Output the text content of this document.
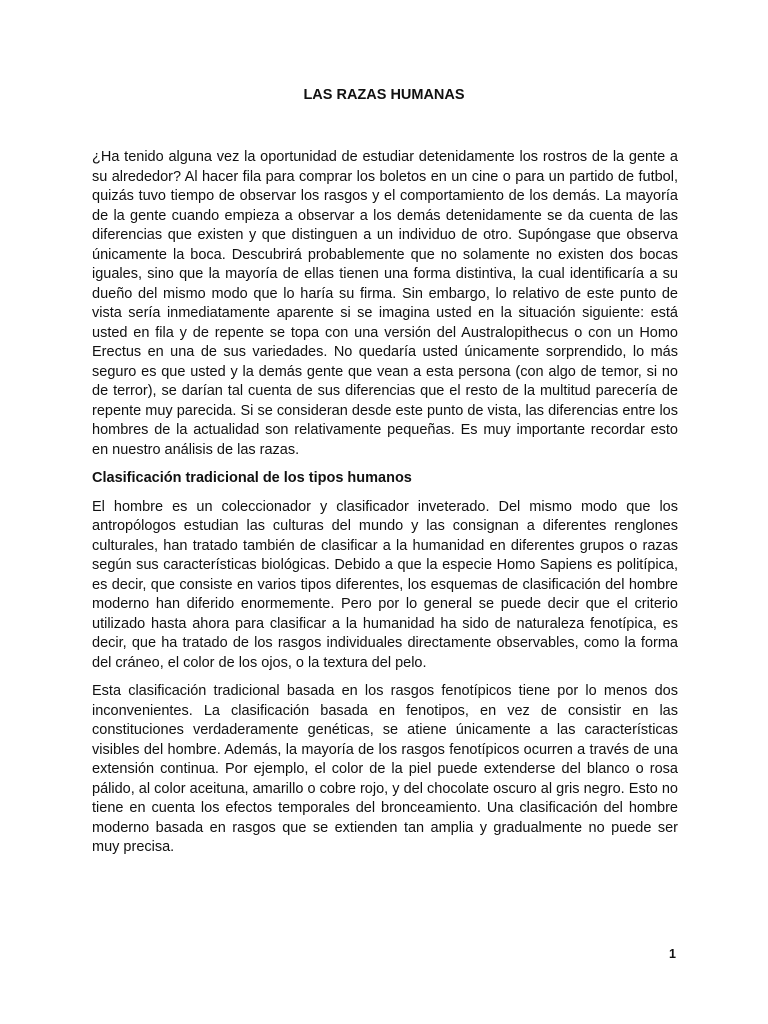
LAS RAZAS HUMANAS

¿Ha tenido alguna vez la oportunidad de estudiar detenidamente los rostros de la gente a su alrededor? Al hacer fila para comprar los boletos en un cine o para un partido de futbol, quizás tuvo tiempo de observar los rasgos y el comportamiento de los demás. La mayoría de la gente cuando empieza a observar a los demás detenidamente se da cuenta de las diferencias que existen y que distinguen a un individuo de otro. Supóngase que observa únicamente la boca. Descubrirá probablemente que no solamente no existen dos bocas iguales, sino que la mayoría de ellas tienen una forma distintiva, la cual identificaría a su dueño del mismo modo que lo haría su firma. Sin embargo, lo relativo de este punto de vista sería inmediatamente aparente si se imagina usted en la situación siguiente: está usted en fila y de repente se topa con una versión del Australopithecus o con un Homo Erectus en una de sus variedades. No quedaría usted únicamente sorprendido, lo más seguro es que usted y la demás gente que vean a esta persona (con algo de temor, si no de terror), se darían tal cuenta de sus diferencias que el resto de la multitud parecería de repente muy parecida. Si se consideran desde este punto de vista, las diferencias entre los hombres de la actualidad son relativamente pequeñas. Es muy importante recordar esto en nuestro análisis de las razas.

Clasificación tradicional de los tipos humanos

El hombre es un coleccionador y clasificador inveterado. Del mismo modo que los antropólogos estudian las culturas del mundo y las consignan a diferentes renglones culturales, han tratado también de clasificar a la humanidad en diferentes grupos o razas según sus características biológicas. Debido a que la especie Homo Sapiens es politípica, es decir, que consiste en varios tipos diferentes, los esquemas de clasificación del hombre moderno han diferido enormemente. Pero por lo general se puede decir que el criterio utilizado hasta ahora para clasificar a la humanidad ha sido de naturaleza fenotípica, es decir, que ha tratado de los rasgos individuales directamente observables, como la forma del cráneo, el color de los ojos, o la textura del pelo.

Esta clasificación tradicional basada en los rasgos fenotípicos tiene por lo menos dos inconvenientes. La clasificación basada en fenotipos, en vez de consistir en las constituciones verdaderamente genéticas, se atiene únicamente a las características visibles del hombre. Además, la mayoría de los rasgos fenotípicos ocurren a través de una extensión continua. Por ejemplo, el color de la piel puede extenderse del blanco o rosa pálido, al color aceituna, amarillo o cobre rojo, y del chocolate oscuro al gris negro. Esto no tiene en cuenta los efectos temporales del bronceamiento. Una clasificación del hombre moderno basada en rasgos que se extienden tan amplia y gradualmente no puede ser muy precisa.

1
